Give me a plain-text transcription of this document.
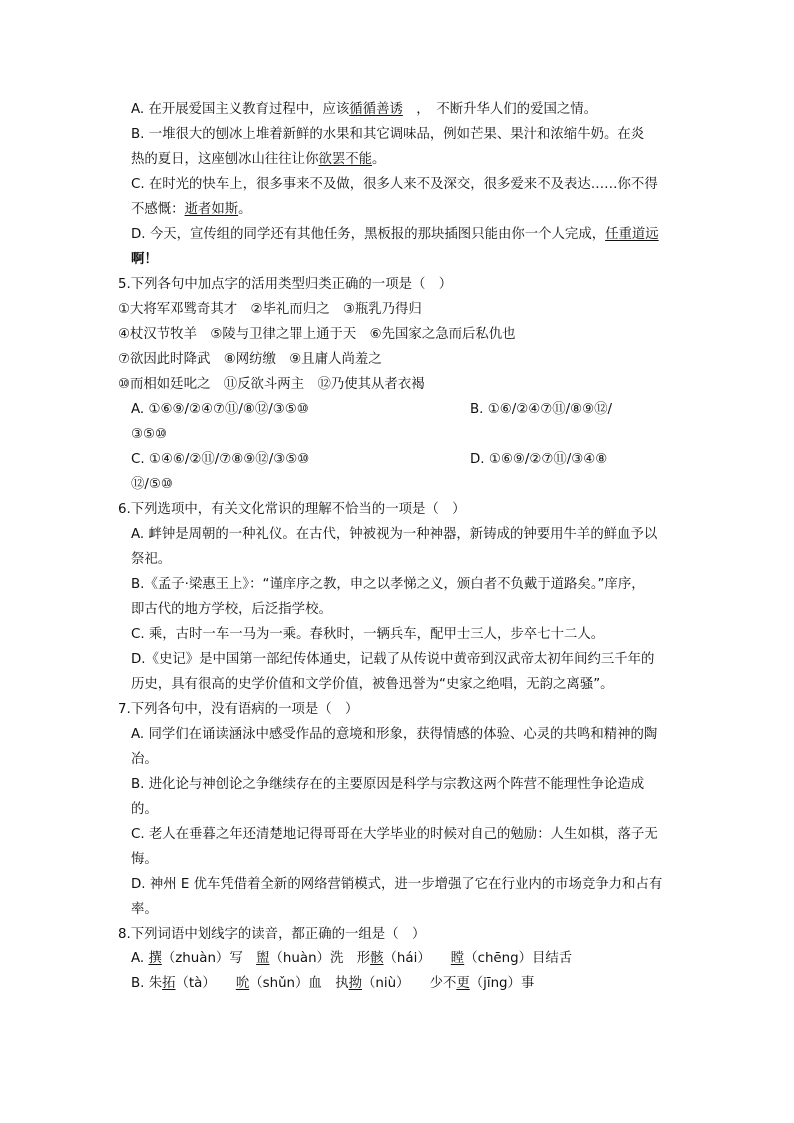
A. 在开展爱国主义教育过程中，应该循循善诱　，　不断升华人们的爱国之情。
B. 一堆很大的刨冰上堆着新鲜的水果和其它调味品，例如芒果、果汁和浓缩牛奶。在炎
热的夏日，这座刨冰山往往让你欲罢不能。
C. 在时光的快车上，很多事来不及做，很多人来不及深交，很多爱来不及表达……你不得
不感慨：逝者如斯。
D. 今天，宣传组的同学还有其他任务，黑板报的那块插图只能由你一个人完成，任重道远
啊！
5.下列各句中加点字的活用类型归类正确的一项是（　）
①大将军邓骘奇其才　②毕礼而归之　③瓶乳乃得归
④杖汉节牧羊　⑤陵与卫律之罪上通于天　⑥先国家之急而后私仇也
⑦欲因此时降武　⑧网纺缴　⑨且庸人尚羞之
⑩而相如廷叱之　⑪反欲斗两主　⑫乃使其从者衣褐
A. ①⑥⑨/②④⑦⑪/⑧⑫/③⑤⑩	B. ①⑥/②④⑦⑪/⑧⑨⑫/
③⑤⑩
C. ①④⑥/②⑪/⑦⑧⑨⑫/③⑤⑩	D. ①⑥⑨/②⑦⑪/③④⑧
⑫/⑤⑩
6.下列选项中，有关文化常识的理解不恰当的一项是（　）
A. 衅钟是周朝的一种礼仪。在古代，钟被视为一种神器，新铸成的钟要用牛羊的鲜血予以
祭祀。
B.《孟子·梁惠王上》：“谨庠序之教，申之以孝悌之义，颁白者不负戴于道路矣。”庠序，
即古代的地方学校，后泛指学校。
C. 乘，古时一车一马为一乘。春秋时，一辆兵车，配甲士三人，步卒七十二人。
D.《史记》是中国第一部纪传体通史，记载了从传说中黄帝到汉武帝太初年间约三千年的
历史，具有很高的史学价值和文学价值，被鲁迅誉为“史家之绝唱，无韵之离骚”。
7.下列各句中，没有语病的一项是（　）
A. 同学们在诵读涵泳中感受作品的意境和形象，获得情感的体验、心灵的共鸣和精神的陶
冶。
B. 进化论与神创论之争继续存在的主要原因是科学与宗教这两个阵营不能理性争论造成
的。
C. 老人在垂暮之年还清楚地记得哥哥在大学毕业的时候对自己的勉励：人生如棋，落子无
悔。
D. 神州 E 优车凭借着全新的网络营销模式，进一步增强了它在行业内的市场竞争力和占有
率。
8.下列词语中划线字的读音，都正确的一组是（　）
A. 撰（zhuàn）写　 盥（huàn）洗　 形骸（hái）　　 瞠（chēng）目结舌
B. 朱拓（tà）　　 吮（shǔn）血　 执拗（niù）　　 少不更（jīng）事
